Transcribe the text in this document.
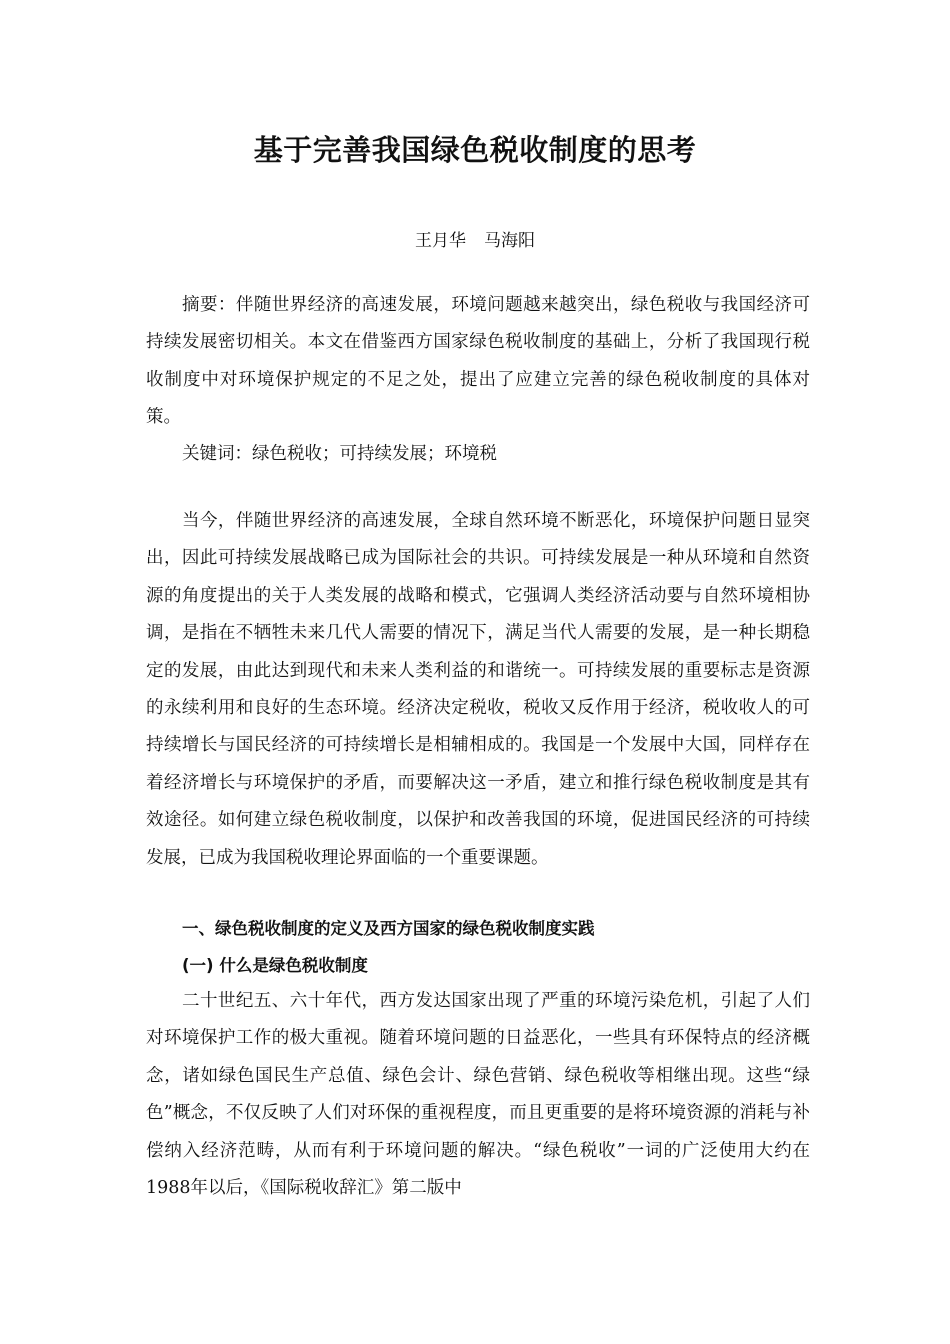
基于完善我国绿色税收制度的思考
王月华 马海阳

摘要：伴随世界经济的高速发展，环境问题越来越突出，绿色税收与我国经济可持续发展密切相关。本文在借鉴西方国家绿色税收制度的基础上，分析了我国现行税收制度中对环境保护规定的不足之处，提出了应建立完善的绿色税收制度的具体对策。

关键词：绿色税收；可持续发展；环境税

当今，伴随世界经济的高速发展，全球自然环境不断恶化，环境保护问题日显突出，因此可持续发展战略已成为国际社会的共识。可持续发展是一种从环境和自然资源的角度提出的关于人类发展的战略和模式，它强调人类经济活动要与自然环境相协调，是指在不牺牲未来几代人需要的情况下，满足当代人需要的发展，是一种长期稳定的发展，由此达到现代和未来人类利益的和谐统一。可持续发展的重要标志是资源的永续利用和良好的生态环境。经济决定税收，税收又反作用于经济，税收收人的可持续增长与国民经济的可持续增长是相辅相成的。我国是一个发展中大国，同样存在着经济增长与环境保护的矛盾，而要解决这一矛盾，建立和推行绿色税收制度是其有效途径。如何建立绿色税收制度，以保护和改善我国的环境，促进国民经济的可持续发展，已成为我国税收理论界面临的一个重要课题。

一、绿色税收制度的定义及西方国家的绿色税收制度实践
(一) 什么是绿色税收制度

二十世纪五、六十年代，西方发达国家出现了严重的环境污染危机，引起了人们对环境保护工作的极大重视。随着环境问题的日益恶化，一些具有环保特点的经济概念，诸如绿色国民生产总值、绿色会计、绿色营销、绿色税收等相继出现。这些“绿色”概念，不仅反映了人们对环保的重视程度，而且更重要的是将环境资源的消耗与补偿纳入经济范畴，从而有利于环境问题的解决。“绿色税收”一词的广泛使用大约在1988年以后，《国际税收辞汇》第二版中
